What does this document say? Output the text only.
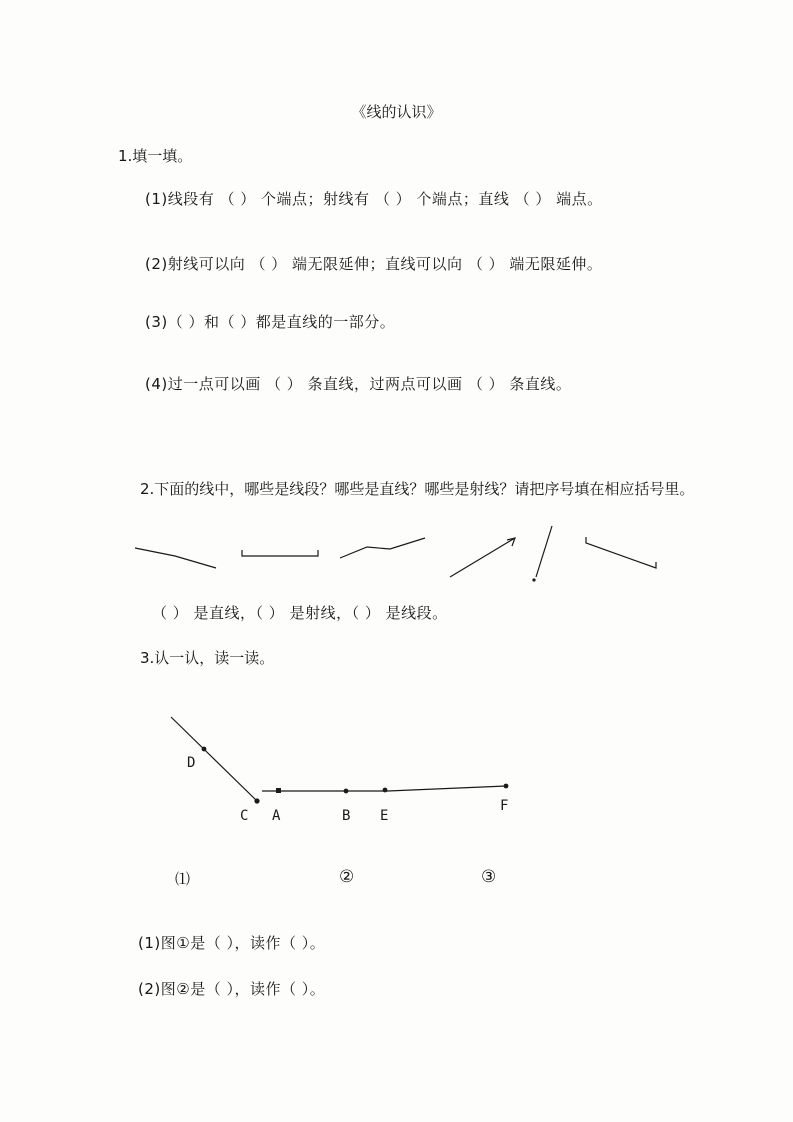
《线的认识》
1.填一填。
(1)线段有 （ ） 个端点；射线有 （ ） 个端点；直线 （ ） 端点。
(2)射线可以向 （ ） 端无限延伸；直线可以向 （ ） 端无限延伸。
(3)（ ）和（ ）都是直线的一部分。
(4)过一点可以画 （ ） 条直线，过两点可以画 （ ） 条直线。
2.下面的线中，哪些是线段？哪些是直线？哪些是射线？请把序号填在相应括号里。
（ ） 是直线，（ ） 是射线，（ ） 是线段。
3.认一认，读一读。
D
C A	B E
F
⑴	②	③
(1)图①是（ ），读作（ ）。
(2)图②是（ ），读作（ ）。
